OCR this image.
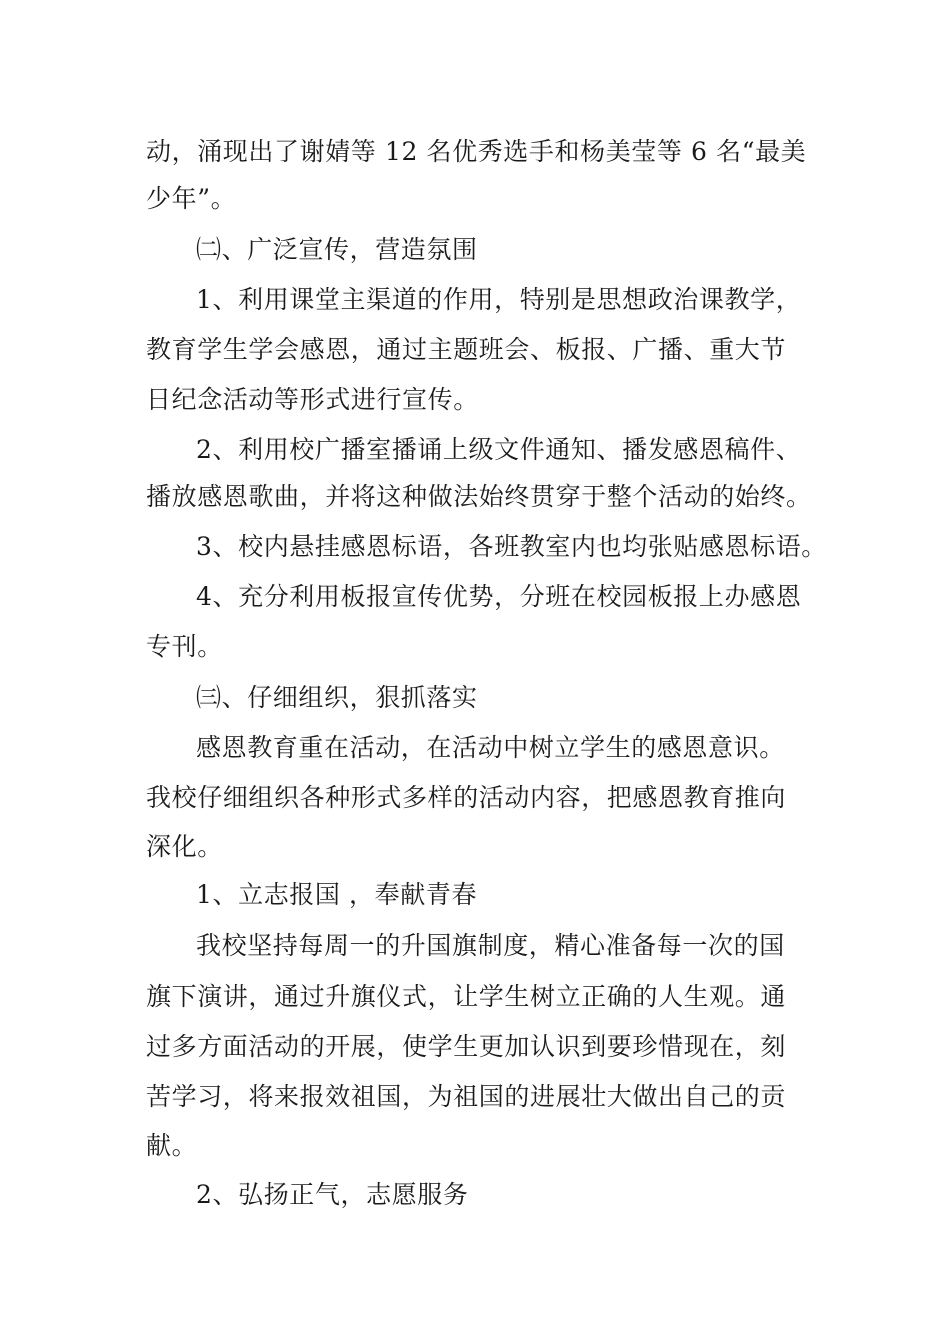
动，涌现出了谢婧等 12 名优秀选手和杨美莹等 6 名“最美
少年”。
㈡、广泛宣传，营造氛围
1、利用课堂主渠道的作用，特别是思想政治课教学，
教育学生学会感恩，通过主题班会、板报、广播、重大节
日纪念活动等形式进行宣传。
2、利用校广播室播诵上级文件通知、播发感恩稿件、
播放感恩歌曲，并将这种做法始终贯穿于整个活动的始终。
3、校内悬挂感恩标语，各班教室内也均张贴感恩标语。
4、充分利用板报宣传优势，分班在校园板报上办感恩
专刊。
㈢、仔细组织，狠抓落实
感恩教育重在活动，在活动中树立学生的感恩意识。
我校仔细组织各种形式多样的活动内容，把感恩教育推向
深化。
1、立志报国 ，奉献青春
我校坚持每周一的升国旗制度，精心准备每一次的国
旗下演讲，通过升旗仪式，让学生树立正确的人生观。通
过多方面活动的开展，使学生更加认识到要珍惜现在，刻
苦学习，将来报效祖国，为祖国的进展壮大做出自己的贡
献。
2、弘扬正气，志愿服务
